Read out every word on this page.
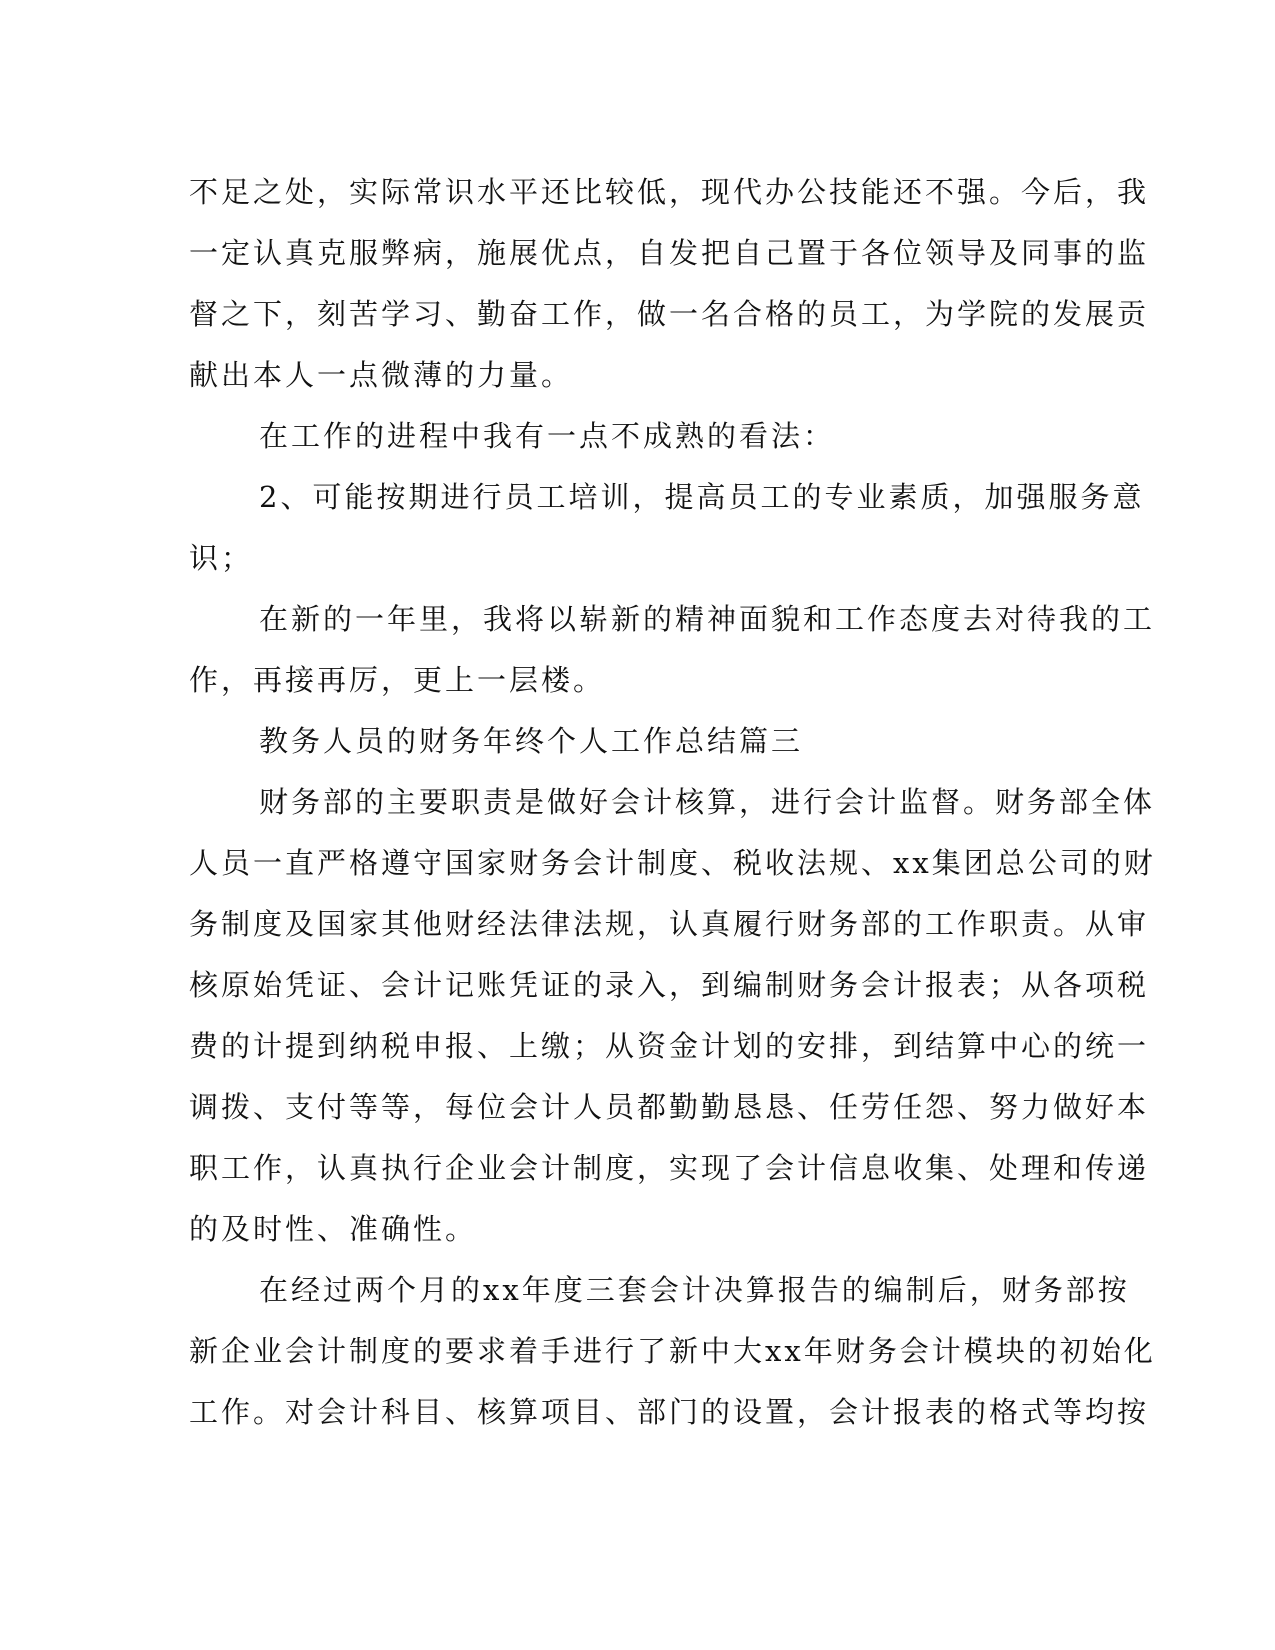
不足之处，实际常识水平还比较低，现代办公技能还不强。今后，我
一定认真克服弊病，施展优点，自发把自己置于各位领导及同事的监
督之下，刻苦学习、勤奋工作，做一名合格的员工，为学院的发展贡
献出本人一点微薄的力量。

在工作的进程中我有一点不成熟的看法：

2、可能按期进行员工培训，提高员工的专业素质，加强服务意
识；

在新的一年里，我将以崭新的精神面貌和工作态度去对待我的工
作，再接再厉，更上一层楼。

教务人员的财务年终个人工作总结篇三

财务部的主要职责是做好会计核算，进行会计监督。财务部全体
人员一直严格遵守国家财务会计制度、税收法规、xx集团总公司的财
务制度及国家其他财经法律法规，认真履行财务部的工作职责。从审
核原始凭证、会计记账凭证的录入，到编制财务会计报表；从各项税
费的计提到纳税申报、上缴；从资金计划的安排，到结算中心的统一
调拨、支付等等，每位会计人员都勤勤恳恳、任劳任怨、努力做好本
职工作，认真执行企业会计制度，实现了会计信息收集、处理和传递
的及时性、准确性。

在经过两个月的xx年度三套会计决算报告的编制后，财务部按
新企业会计制度的要求着手进行了新中大xx年财务会计模块的初始化
工作。对会计科目、核算项目、部门的设置，会计报表的格式等均按
